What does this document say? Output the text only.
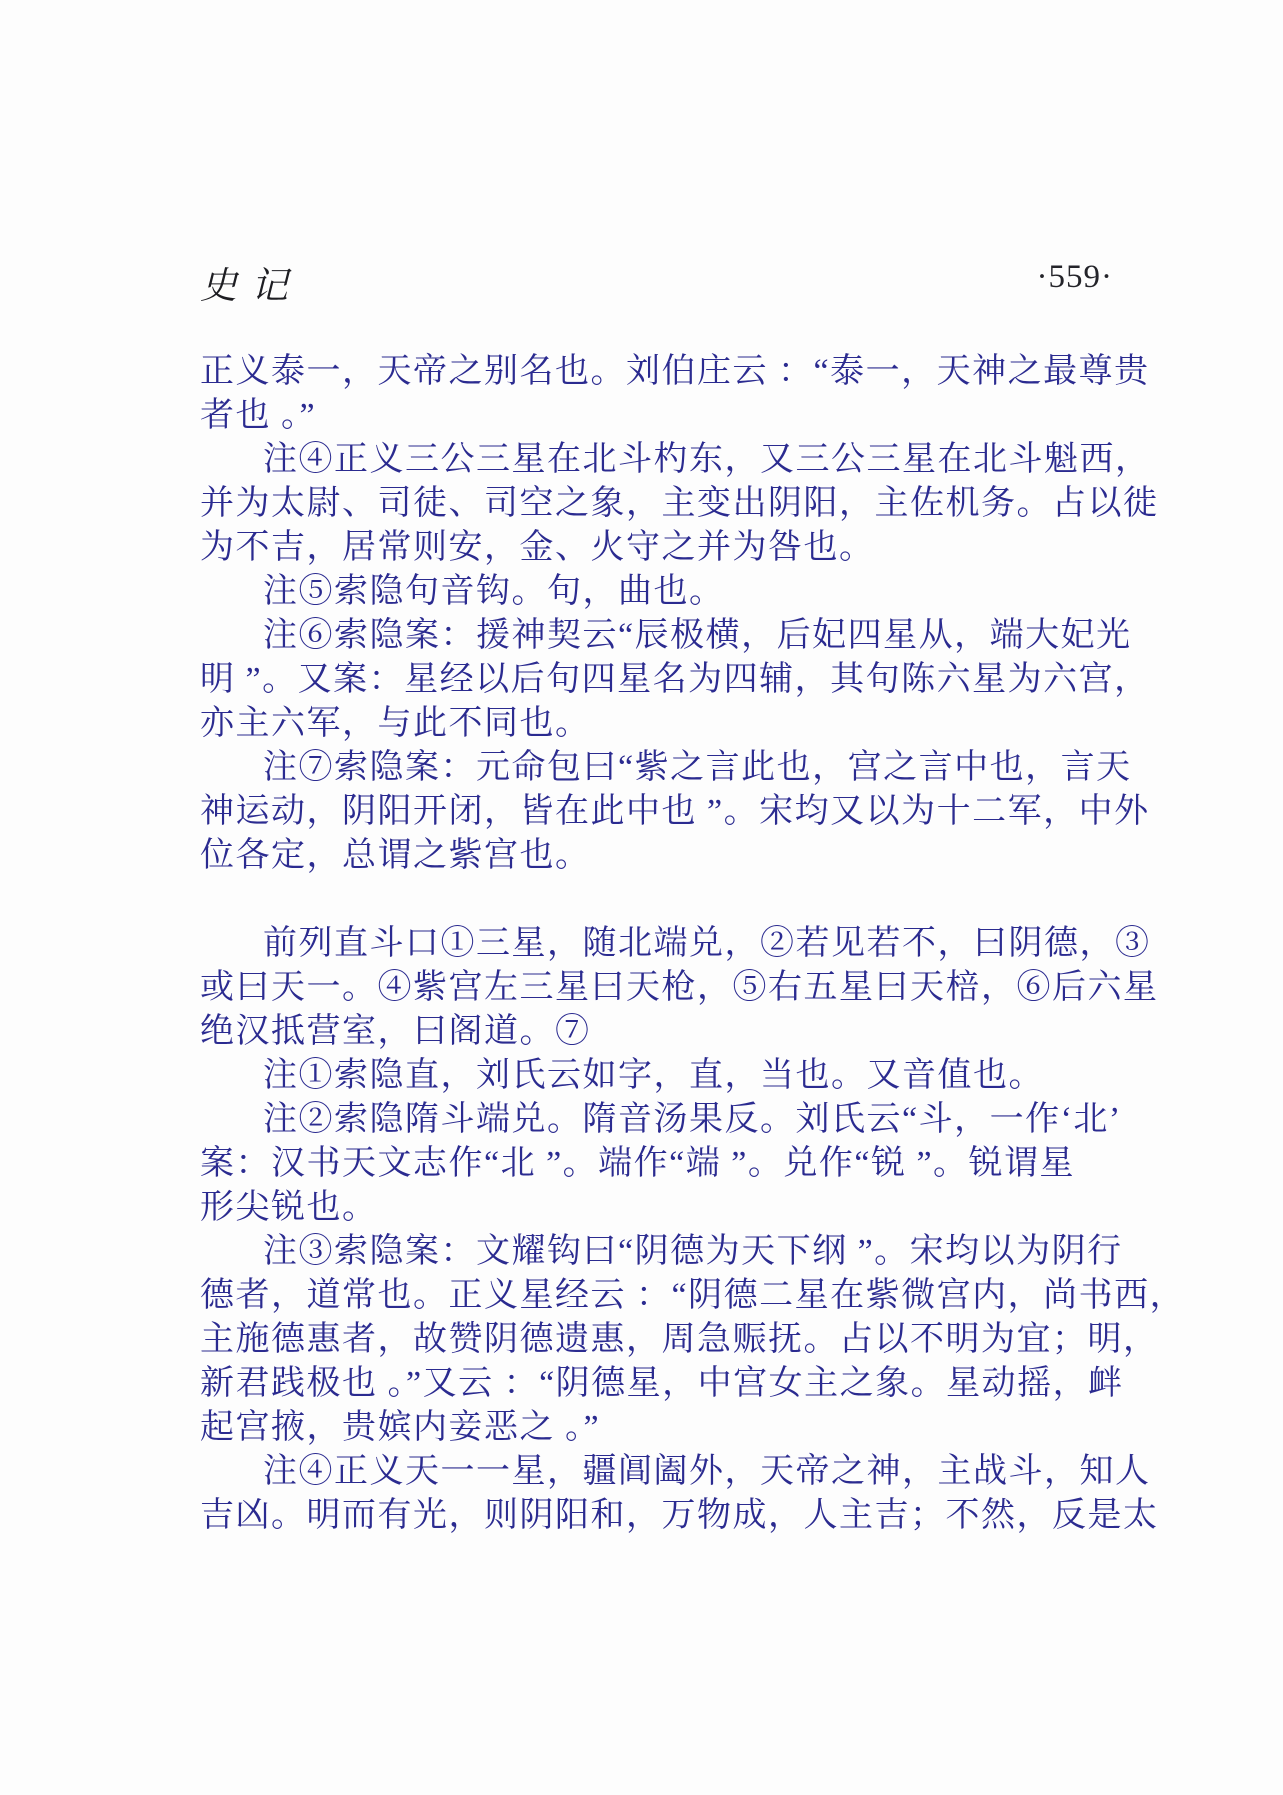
史记	·559·
正义泰一，天帝之别名也。刘伯庄云 ：“泰一，天神之最尊贵
者也 。”
注④正义三公三星在北斗杓东，又三公三星在北斗魁西，
并为太尉、司徒、司空之象，主变出阴阳，主佐机务。占以徙
为不吉，居常则安，金、火守之并为咎也。
注⑤索隐句音钩。句，曲也。
注⑥索隐案：援神契云“辰极横，后妃四星从，端大妃光
明 ”。又案：星经以后句四星名为四辅，其句陈六星为六宫，
亦主六军，与此不同也。
注⑦索隐案：元命包曰“紫之言此也，宫之言中也，言天
神运动，阴阳开闭，皆在此中也 ”。宋均又以为十二军，中外
位各定，总谓之紫宫也。
前列直斗口①三星，随北端兑，②若见若不，曰阴德，③
或曰天一。④紫宫左三星曰天枪，⑤右五星曰天棓，⑥后六星
绝汉抵营室，曰阁道。⑦
注①索隐直，刘氏云如字，直，当也。又音值也。
注②索隐隋斗端兑。隋音汤果反。刘氏云“斗，一作‘北’
案：汉书天文志作“北 ”。端作“端 ”。兑作“锐 ”。锐谓星
形尖锐也。
注③索隐案：文耀钩曰“阴德为天下纲 ”。宋均以为阴行
德者，道常也。正义星经云 ：“阴德二星在紫微宫内，尚书西，
主施德惠者，故赞阴德遗惠，周急赈抚。占以不明为宜；明，
新君践极也 。”又云 ：“阴德星，中宫女主之象。星动摇，衅
起宫掖，贵嫔内妾恶之 。”
注④正义天一一星，疆阊阖外，天帝之神，主战斗，知人
吉凶。明而有光，则阴阳和，万物成，人主吉；不然，反是太
